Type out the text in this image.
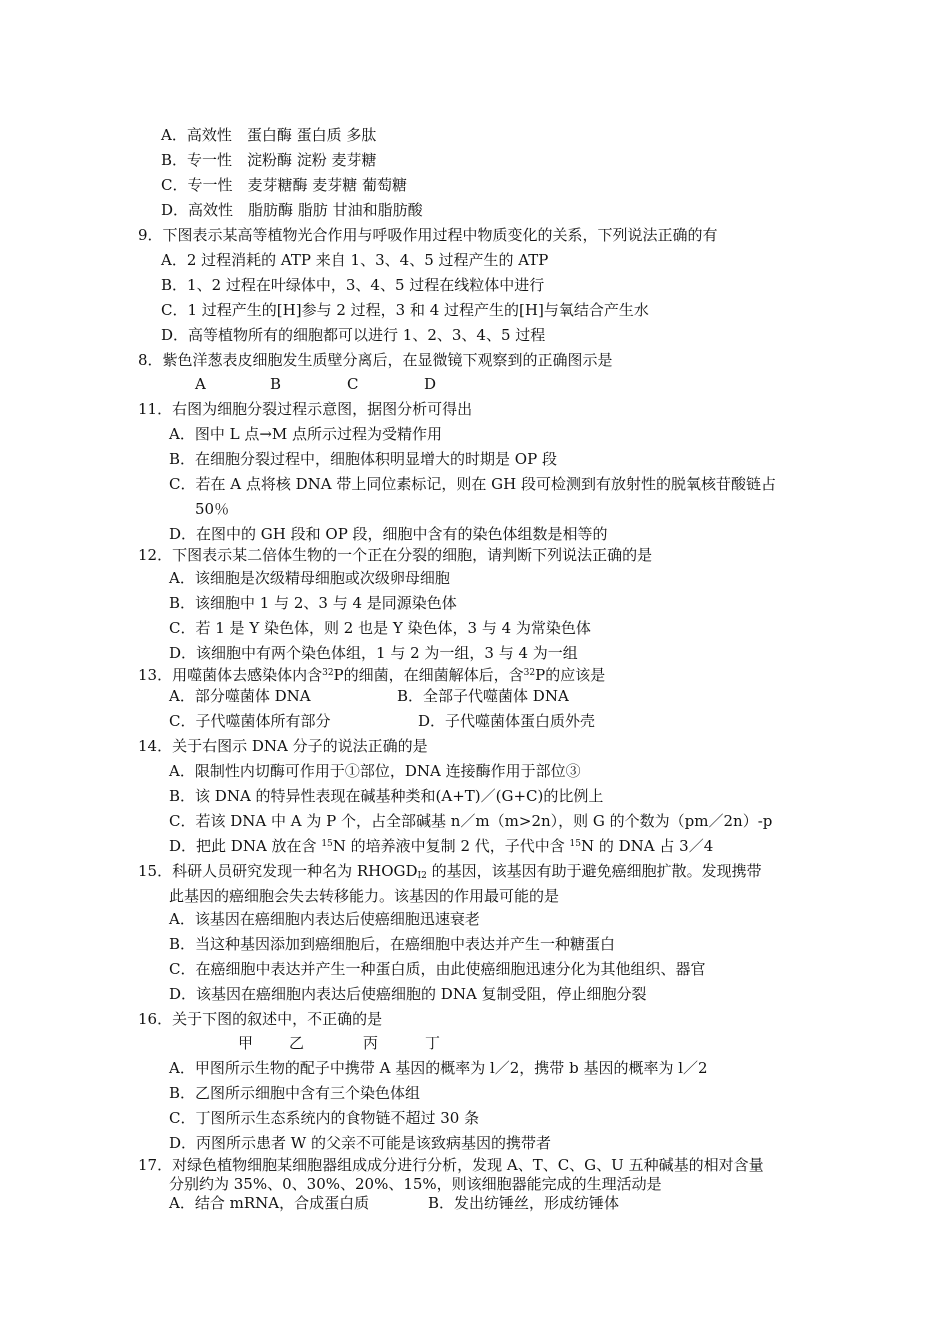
A．高效性　蛋白酶 蛋白质 多肽
B．专一性　淀粉酶 淀粉 麦芽糖
C．专一性　麦芽糖酶 麦芽糖 葡萄糖
D．高效性　脂肪酶 脂肪 甘油和脂肪酸
9．下图表示某高等植物光合作用与呼吸作用过程中物质变化的关系，下列说法正确的有
A．2 过程消耗的 ATP 来自 1、3、4、5 过程产生的 ATP
B．1、2 过程在叶绿体中，3、4、5 过程在线粒体中进行
C．1 过程产生的[H]参与 2 过程，3 和 4 过程产生的[H]与氧结合产生水
D．高等植物所有的细胞都可以进行 1、2、3、4、5 过程
8．紫色洋葱表皮细胞发生质壁分离后，在显微镜下观察到的正确图示是
A	B	C	D
11．右图为细胞分裂过程示意图，据图分析可得出
A．图中 L 点→M 点所示过程为受精作用
B．在细胞分裂过程中，细胞体积明显增大的时期是 OP 段
C．若在 A 点将核 DNA 带上同位素标记，则在 GH 段可检测到有放射性的脱氧核苷酸链占
50％
D．在图中的 GH 段和 OP 段，细胞中含有的染色体组数是相等的
12．下图表示某二倍体生物的一个正在分裂的细胞，请判断下列说法正确的是
A．该细胞是次级精母细胞或次级卵母细胞
B．该细胞中 1 与 2、3 与 4 是同源染色体
C．若 1 是 Y 染色体，则 2 也是 Y 染色体，3 与 4 为常染色体
D．该细胞中有两个染色体组，1 与 2 为一组，3 与 4 为一组
13．用噬菌体去感染体内含$^{32}$P的细菌，在细菌解体后，含$^{32}$P的应该是
A．部分噬菌体 DNA	B．全部子代噬菌体 DNA
C．子代噬菌体所有部分	D．子代噬菌体蛋白质外壳
14．关于右图示 DNA 分子的说法正确的是
A．限制性内切酶可作用于①部位，DNA 连接酶作用于部位③
B．该 DNA 的特异性表现在碱基种类和(A+T)／(G+C)的比例上
C．若该 DNA 中 A 为 P 个，占全部碱基 n／m（m>2n），则 G 的个数为（pm／2n）-p
D．把此 DNA 放在含 $^{15}$N 的培养液中复制 2 代，子代中含 $^{15}$N 的 DNA 占 3／4
15．科研人员研究发现一种名为 $RHOGD_{I2}$ 的基因，该基因有助于避免癌细胞扩散。发现携带
此基因的癌细胞会失去转移能力。该基因的作用最可能的是
A．该基因在癌细胞内表达后使癌细胞迅速衰老
B．当这种基因添加到癌细胞后，在癌细胞中表达并产生一种糖蛋白
C．在癌细胞中表达并产生一种蛋白质，由此使癌细胞迅速分化为其他组织、器官
D．该基因在癌细胞内表达后使癌细胞的 DNA 复制受阻，停止细胞分裂
16．关于下图的叙述中，不正确的是
甲 乙	丙	丁
A．甲图所示生物的配子中携带 A 基因的概率为 l／2，携带 b 基因的概率为 l／2
B．乙图所示细胞中含有三个染色体组
C．丁图所示生态系统内的食物链不超过 30 条
D．丙图所示患者 W 的父亲不可能是该致病基因的携带者
17．对绿色植物细胞某细胞器组成成分进行分析，发现 A、T、C、G、U 五种碱基的相对含量
分别约为 35%、0、30%、20%、15%，则该细胞器能完成的生理活动是
A．结合 mRNA，合成蛋白质	B．发出纺锤丝，形成纺锤体
